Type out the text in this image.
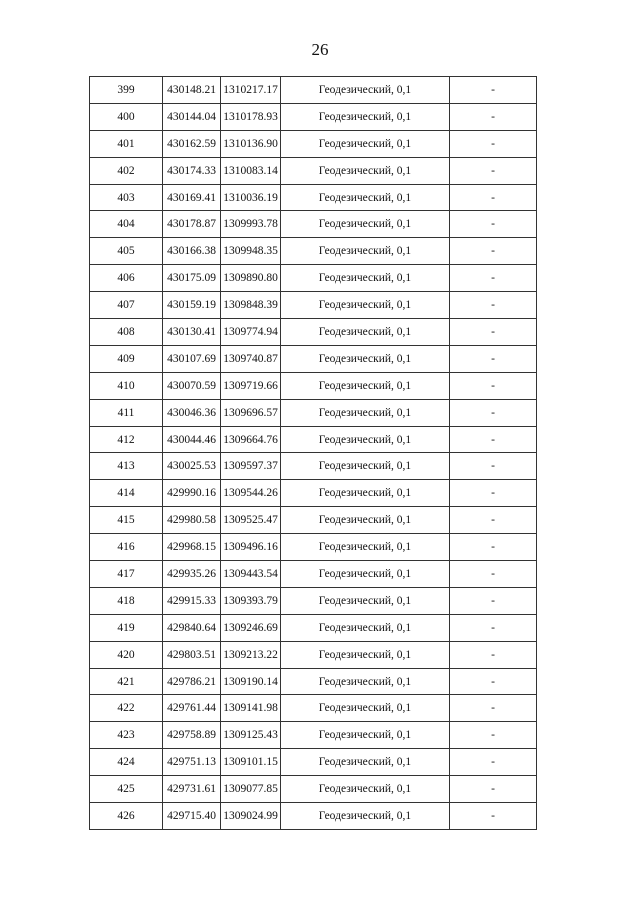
26
399	430148.21	1310217.17	Геодезический, 0,1	-
400	430144.04	1310178.93	Геодезический, 0,1	-
401	430162.59	1310136.90	Геодезический, 0,1	-
402	430174.33	1310083.14	Геодезический, 0,1	-
403	430169.41	1310036.19	Геодезический, 0,1	-
404	430178.87	1309993.78	Геодезический, 0,1	-
405	430166.38	1309948.35	Геодезический, 0,1	-
406	430175.09	1309890.80	Геодезический, 0,1	-
407	430159.19	1309848.39	Геодезический, 0,1	-
408	430130.41	1309774.94	Геодезический, 0,1	-
409	430107.69	1309740.87	Геодезический, 0,1	-
410	430070.59	1309719.66	Геодезический, 0,1	-
411	430046.36	1309696.57	Геодезический, 0,1	-
412	430044.46	1309664.76	Геодезический, 0,1	-
413	430025.53	1309597.37	Геодезический, 0,1	-
414	429990.16	1309544.26	Геодезический, 0,1	-
415	429980.58	1309525.47	Геодезический, 0,1	-
416	429968.15	1309496.16	Геодезический, 0,1	-
417	429935.26	1309443.54	Геодезический, 0,1	-
418	429915.33	1309393.79	Геодезический, 0,1	-
419	429840.64	1309246.69	Геодезический, 0,1	-
420	429803.51	1309213.22	Геодезический, 0,1	-
421	429786.21	1309190.14	Геодезический, 0,1	-
422	429761.44	1309141.98	Геодезический, 0,1	-
423	429758.89	1309125.43	Геодезический, 0,1	-
424	429751.13	1309101.15	Геодезический, 0,1	-
425	429731.61	1309077.85	Геодезический, 0,1	-
426	429715.40	1309024.99	Геодезический, 0,1	-
